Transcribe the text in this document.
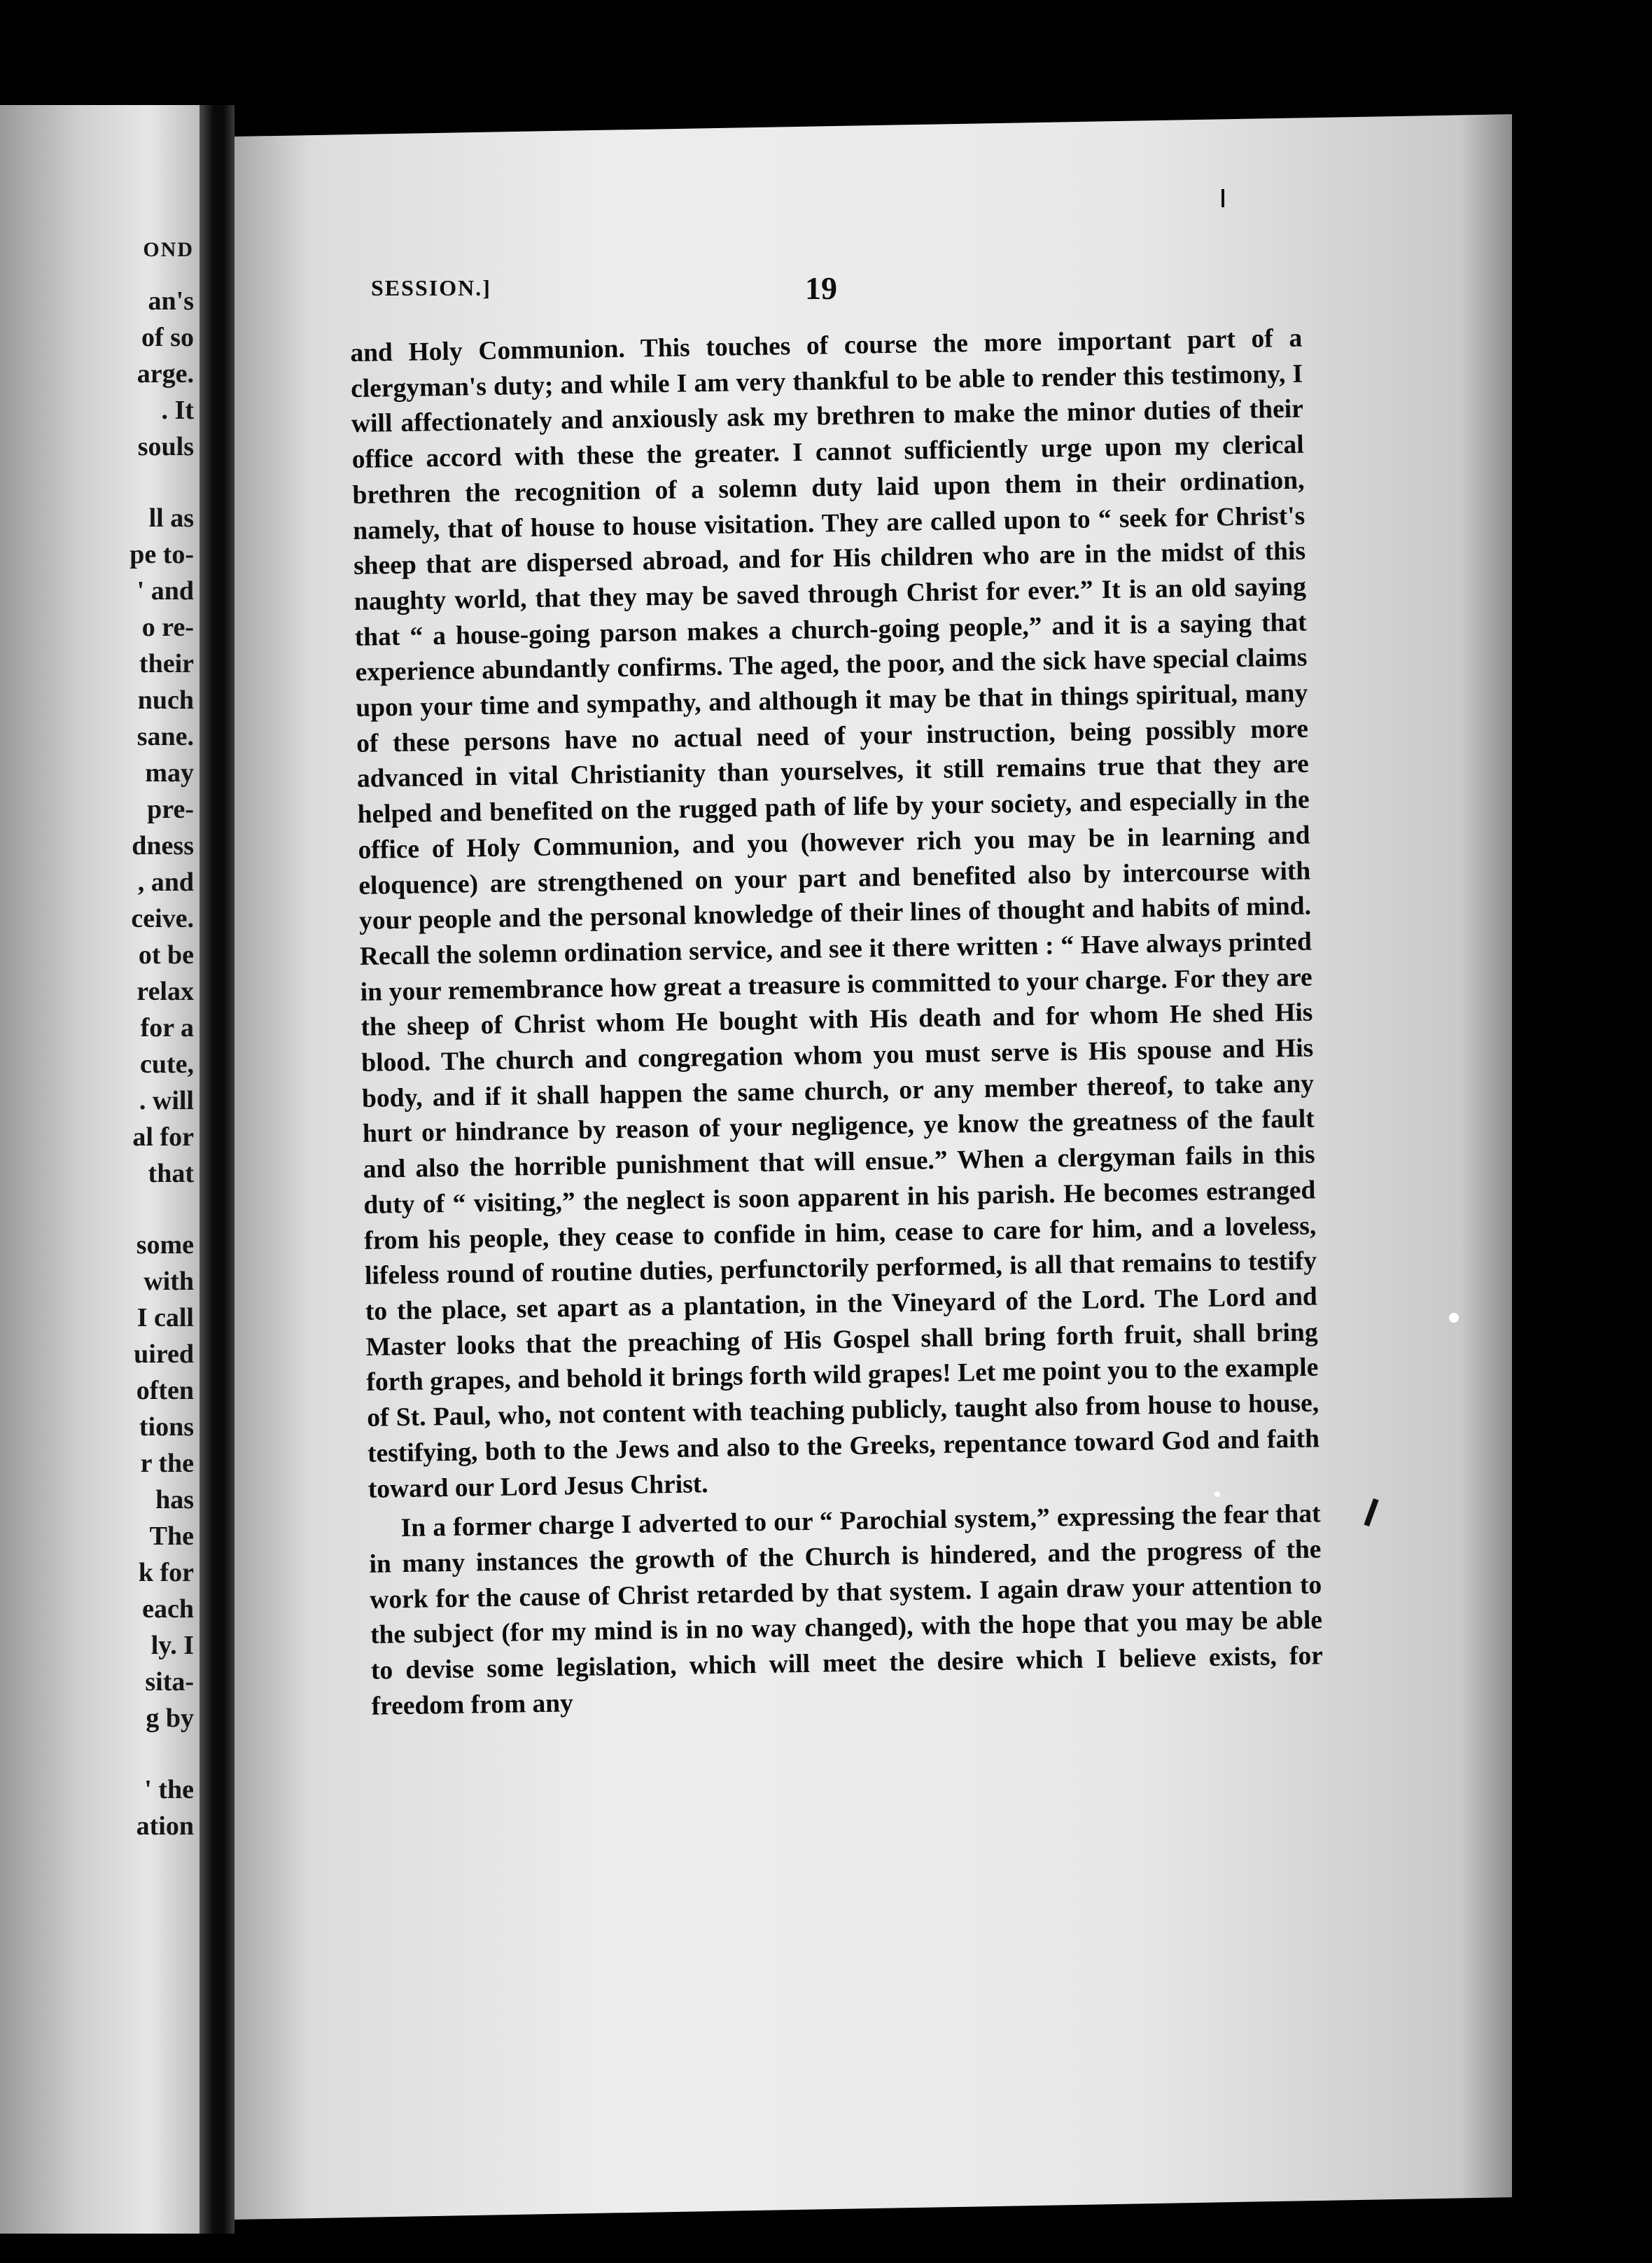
OND
an's
of so
arge.
. It
souls
ll as
pe to-
' and
o re-
their
nuch
sane.
may
pre-
dness
, and
ceive.
ot be
relax
for a
cute,
. will
al for
that
some
with
I call
uired
often
tions
r the
has
The
k for
each
ly. I
sita-
g by
' the
ation
SESSION.]	19

and Holy Communion. This touches of course the more important part of a clergyman's duty; and while I am very thankful to be able to render this testimony, I will affectionately and anxiously ask my brethren to make the minor duties of their office accord with these the greater. I cannot sufficiently urge upon my clerical brethren the recognition of a solemn duty laid upon them in their ordination, namely, that of house to house visitation. They are called upon to “ seek for Christ's sheep that are dispersed abroad, and for His children who are in the midst of this naughty world, that they may be saved through Christ for ever.” It is an old saying that “ a house-going parson makes a church-going people,” and it is a saying that experience abundantly confirms. The aged, the poor, and the sick have special claims upon your time and sympathy, and although it may be that in things spiritual, many of these persons have no actual need of your instruction, being possibly more advanced in vital Christianity than yourselves, it still remains true that they are helped and benefited on the rugged path of life by your society, and especially in the office of Holy Communion, and you (however rich you may be in learning and eloquence) are strengthened on your part and benefited also by intercourse with your people and the personal knowledge of their lines of thought and habits of mind. Recall the solemn ordination service, and see it there written : “ Have always printed in your remembrance how great a treasure is committed to your charge. For they are the sheep of Christ whom He bought with His death and for whom He shed His blood. The church and congregation whom you must serve is His spouse and His body, and if it shall happen the same church, or any member thereof, to take any hurt or hindrance by reason of your negligence, ye know the greatness of the fault and also the horrible punishment that will ensue.” When a clergyman fails in this duty of “ visiting,” the neglect is soon apparent in his parish. He becomes estranged from his people, they cease to confide in him, cease to care for him, and a loveless, lifeless round of routine duties, perfunctorily performed, is all that remains to testify to the place, set apart as a plantation, in the Vineyard of the Lord. The Lord and Master looks that the preaching of His Gospel shall bring forth fruit, shall bring forth grapes, and behold it brings forth wild grapes! Let me point you to the example of St. Paul, who, not content with teaching publicly, taught also from house to house, testifying, both to the Jews and also to the Greeks, repentance toward God and faith toward our Lord Jesus Christ.

In a former charge I adverted to our “ Parochial system,” expressing the fear that in many instances the growth of the Church is hindered, and the progress of the work for the cause of Christ retarded by that system. I again draw your attention to the subject (for my mind is in no way changed), with the hope that you may be able to devise some legislation, which will meet the desire which I believe exists, for freedom from any
